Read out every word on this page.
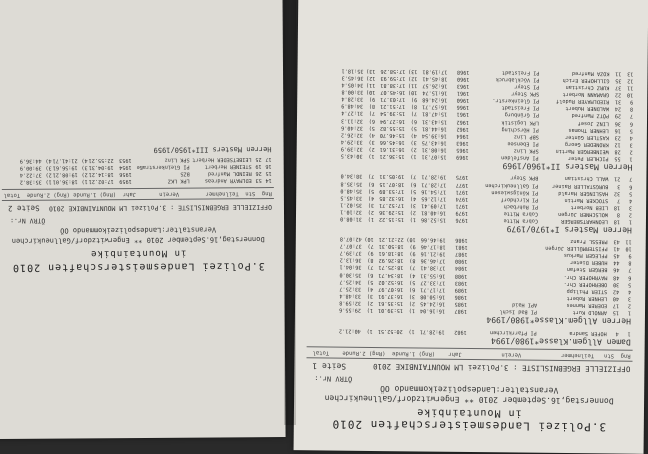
3.Polizei Landesmeisterschaften 2010
in Mountainbike
Donnerstag,16.September 2010 ** Engerwitzdorf/Gallneukirchen
Veranstalter:Landespolizeikommando OÖ
ÖTRV Nr.:
OFFIZIELLE ERGEBNISLISTE : 3.Polizei LM MOUNTAINBIKE 2010
Seite 1
Rng  Stn   Teilnehmer            Verein            Jahr    (Rng) 1.Runde  (Rng) 2.Runde    Total
Damen Allgem.Klasse*1980/1994
1
4
HOFER Sandra
PI Pfarrkirchen
1982
19:28.71
1)
20:52.51
1)
40:21.2
Herren Allgem.Klasse*1980/1994
1
15
ARNOLD Kurt
PI Bad Ischl
1987
16:16.04
1)
15:39.01
1)
29:55.6
2
17
EDERER Hannes
API Haid
1985
16:24.45
2)
15:35.61
2)
32:59.8
3
40
LEHNER Robert
1986
16:50.08
3)
16:37.91
3)
33:48.4
4
42
STIER Philipp
1989
17:17.71
6)
16:07.97
4)
33:25.7
5
30
OBERHOFER Chr.
1983
17:33.27
5)
16:52.02
5)
34:25.7
6
48
MAYRHOFER Chr.
1988
16:55.31
4)
18:34.71
6)
35:30.0
7
46
BERGER Stefan
1984
17:38.41
7)
18:25.71
7)
36:04.1
8
44
HUBER Dieter
1980
17:46.36
8)
18:26.92
8)
36:13.2
9
45
PFLEGER Markus
1987
19:21.16
9)
18:18.61
9)
37:39.7
10
41
PFISTERMÜLLER Jürgen
1981
18:17.46
9)
18:50.31
7)
37:07.7
11
43
PRESSL Franz
1986
19:46.66
10)
22:21.21
10)
42:07.8
Herren Masters I*1970/1979
1
18
LEONHARTSBERGER
Cobra Mitte
1976
15:52.86
1)
15:15.22
1)
31:08.0
2
8
WOLSCHNER Jürgen
Cobra Mitte
1979
16:40.81
2)
15:29.36
2)
32:10.1
3
18
LIEB Norbert
PI Rohrbach
1971
17:09.41
3)
17:52.71
3)
35:02.1
4
7
STOCKER Martin
PI Kirchdorf
1974
17:12.65
4)
16:32.85
4)
33:45.5
5
32
HASLINGER Harald
PI Königswiesen
1971
17:54.16
5)
17:53.89
5)
35:48.0
6
3
BURGSTALLER Rainer
PI Gallneukirchen
1977
17:28.71
6)
18:07.15
6)
35:35.8
7
21
WALL Christian
BPK Steyr
1975
19:28.71
7)
19:05.31
7)
38:34.0
Herren Masters II*1960/1969
1
55
PICHLER Peter
PI Ansfelden
1969
15:07.31
1)
15:36.21
1)
30:43.5
2
28
WEINBERGER Martin
SPK Linz
1965
16:08.31
2)
16:31.61
2)
32:39.9
3
12
KRONEDER Georg
PI Ebensee
1963
16:43.75
3)
16:45.66
3)
33:29.4
4
23
KASTLER Günter
SBP Linz
1964
16:39.54
4)
15:46.70
4)
32:26.2
5
16
LEHNER Thomas
PI Hörsching
1962
16:44.81
5)
15:55.82
5)
32:40.6
6
36
LINZ Josef
LPK Logistik
1962
15:43.31
6)
16:27.94
6)
32:11.3
7
29
PÖTZ Manfred
PI Grünburg
1961
15:47.81
7)
15:39.54
7)
31:27.4
8
24
WALDNER Hubert
PI Freistadt
1966
16:57.71
8)
17:51.21
8)
34:48.9
9
31
RIEDLMAYER Rudolf
PI Gleinkerstr.
1960
16:24.68
9)
17:03.71
9)
33:28.4
10
22
GRAMANN Norbert
SPK Steyr
1961
16:15.74
10)
16:45.07
10)
33:00.8
11
37
KURZ Christian
PI Steyr
1963
16:26.57
11)
17:38.81
11)
34:05.4
12
35
GILLHOFER Erich
PI Vöcklabruck
1960
18:45.41
12)
17:59.93
12)
36:45.3
13
11
KOZA Manfred
PI Freistadt
1968
17:19.81
13)
17:58.26
13)
35:18.1
3.Polizei Landesmeisterschaften 2010
in Mountainbike
Donnerstag,16.September 2010 ** Engerwitzdorf/Gallneukirchen
Veranstalter:Landespolizeikommando OÖ
ÖTRV Nr.:
OFFIZIELLE ERGEBNISLISTE : 3.Polizei LM MOUNTAINBIKE 2010
Seite 2
Rng  Stn  Teilnehmer        Verein       Jahr  (Rng) 1.Runde (Rng) 2.Runde  Total
14
53
EDLMAYR Andreas
LPK LKZ
1959
17:02.21
1)
18:36.01
1)
35:38.2
15
26
REINDL Manfred
BZS
1956
18:14.21
2)
19:08.21
2)
37:22.4
16
19
STEINER Herbert
PI Gleinkerstraße
1954
19:04.31
3)
19:56.61
3)
39:00.9
17
25
LEIBETSEDER Herbert
SPK Linz
1953
22:55.21
4)
21:41.71
4)
44:36.9
Herren Masters III*1950/1959
